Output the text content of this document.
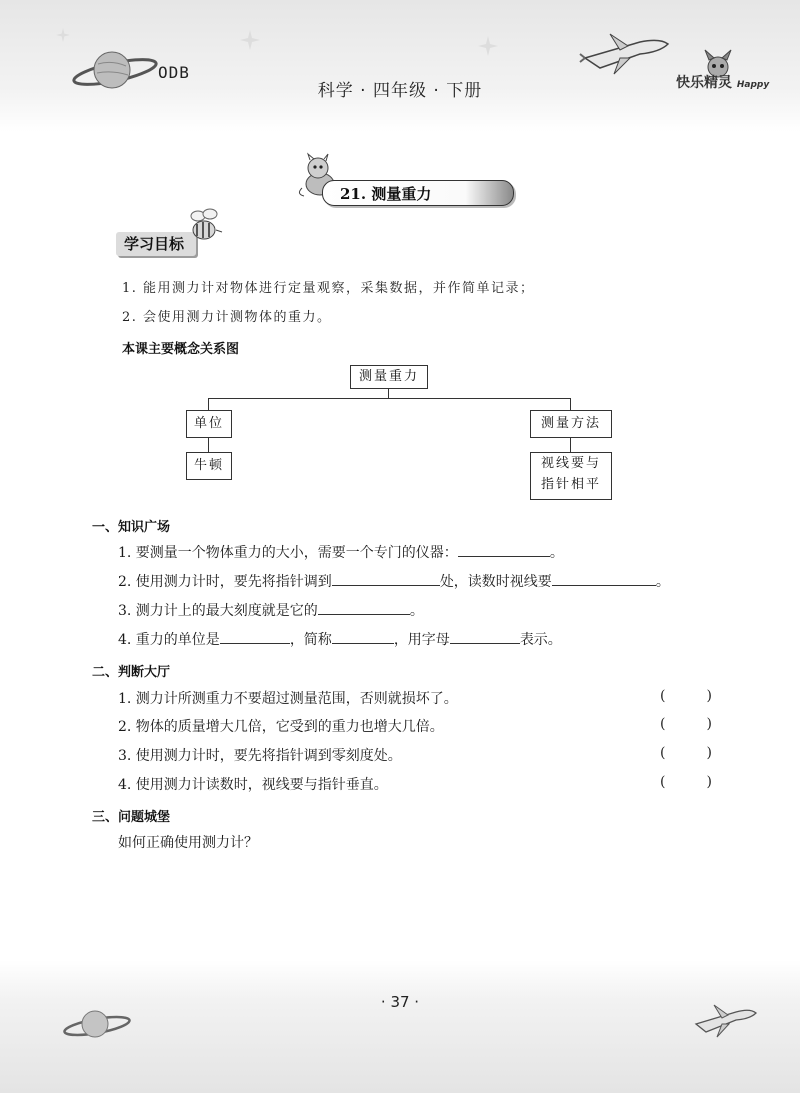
ODB
科学 · 四年级 · 下册	快乐精灵 Happy
21. 测量重力
学习目标
1. 能用测力计对物体进行定量观察，采集数据，并作简单记录；
2. 会使用测力计测物体的重力。
本课主要概念关系图
测量重力
单位	测量方法
牛顿	视线要与
指针相平
一、知识广场
1. 要测量一个物体重力的大小，需要一个专门的仪器：	。
2. 使用测力计时，要先将指针调到	处，读数时视线要	。
3. 测力计上的最大刻度就是它的	。
4. 重力的单位是	，简称	，用字母	表示。
二、判断大厅
1. 测力计所测重力不要超过测量范围，否则就损坏了。	(	)
2. 物体的质量增大几倍，它受到的重力也增大几倍。	(	)
3. 使用测力计时，要先将指针调到零刻度处。	(	)
4. 使用测力计读数时，视线要与指针垂直。	(	)
三、问题城堡
如何正确使用测力计？
· 37 ·
